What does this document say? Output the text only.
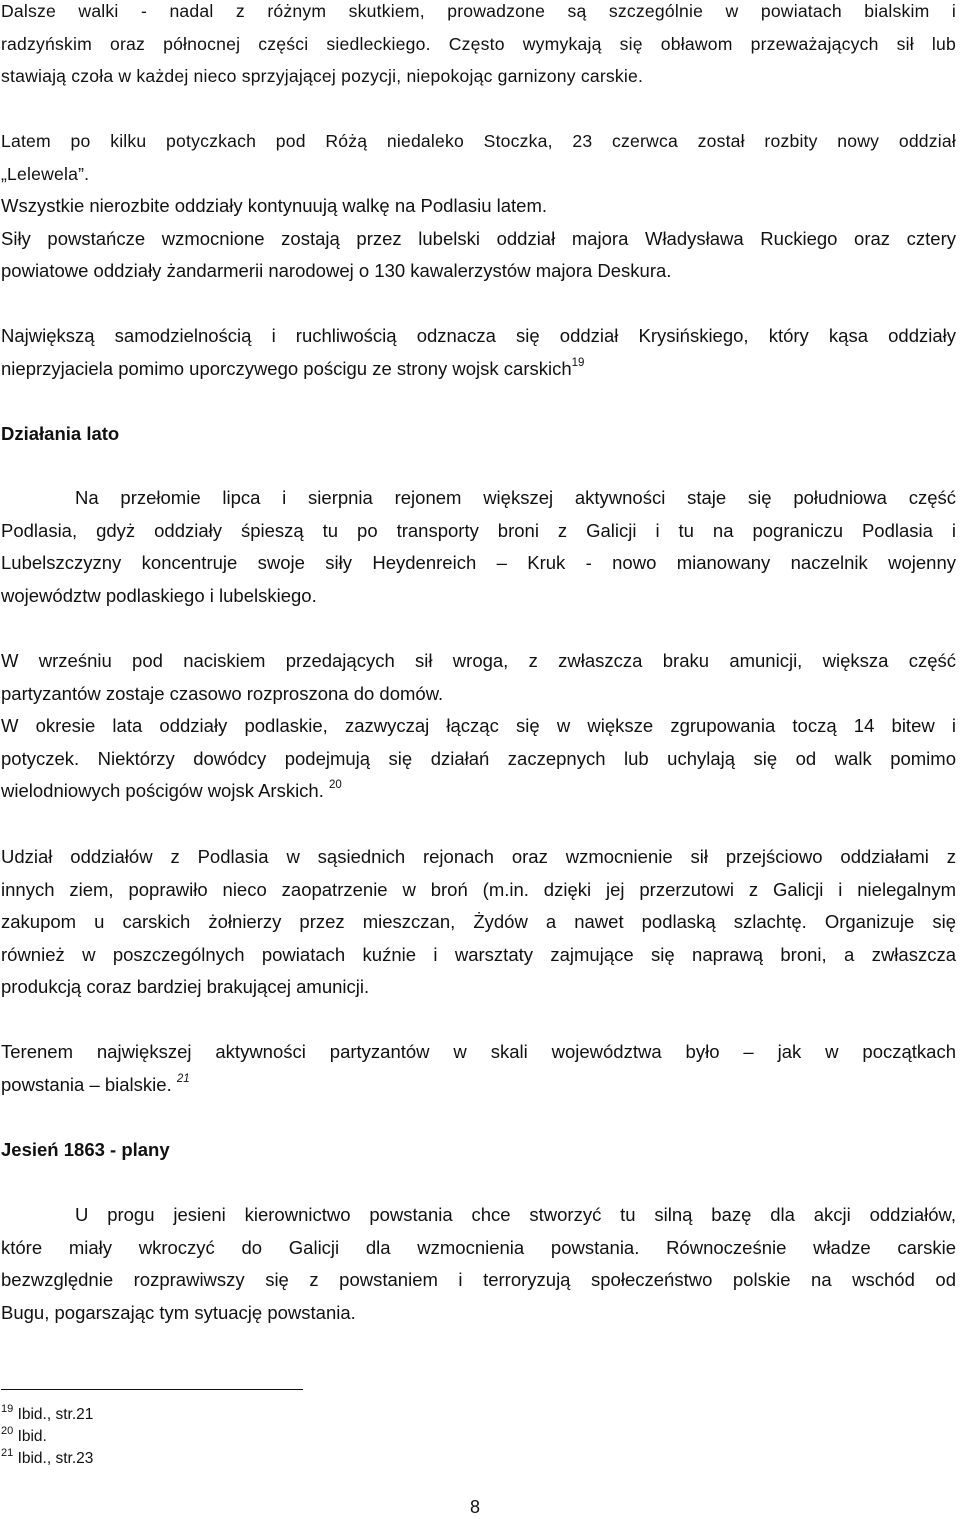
Dalsze walki - nadal z różnym skutkiem, prowadzone są szczególnie w powiatach bialskim i
radzyńskim oraz północnej części siedleckiego. Często wymykają się obławom przeważających sił lub
stawiają czoła w każdej nieco sprzyjającej pozycji, niepokojąc garnizony carskie.
Latem po kilku potyczkach pod Różą niedaleko Stoczka, 23 czerwca został rozbity nowy oddział
„Lelewela”.
Wszystkie nierozbite oddziały kontynuują walkę na Podlasiu latem.
Siły powstańcze wzmocnione zostają przez lubelski oddział majora Władysława Ruckiego oraz cztery
powiatowe oddziały żandarmerii narodowej o 130 kawalerzystów majora Deskura.
Największą samodzielnością i ruchliwością odznacza się oddział Krysińskiego, który kąsa oddziały
nieprzyjaciela pomimo uporczywego pościgu ze strony wojsk carskich$^{19}$
Działania lato
Na przełomie lipca i sierpnia rejonem większej aktywności staje się południowa część
Podlasia, gdyż oddziały śpieszą tu po transporty broni z Galicji i tu na pograniczu Podlasia i
Lubelszczyzny koncentruje swoje siły Heydenreich – Kruk - nowo mianowany naczelnik wojenny
województw podlaskiego i lubelskiego.
W wrześniu pod naciskiem przedających sił wroga, z zwłaszcza braku amunicji, większa część
partyzantów zostaje czasowo rozproszona do domów.
W okresie lata oddziały podlaskie, zazwyczaj łącząc się w większe zgrupowania toczą 14 bitew i
potyczek. Niektórzy dowódcy podejmują się działań zaczepnych lub uchylają się od walk pomimo
wielodniowych pościgów wojsk Arskich. $^{20}$
Udział oddziałów z Podlasia w sąsiednich rejonach oraz wzmocnienie sił przejściowo oddziałami z
innych ziem, poprawiło nieco zaopatrzenie w broń (m.in. dzięki jej przerzutowi z Galicji i nielegalnym
zakupom u carskich żołnierzy przez mieszczan, Żydów a nawet podlaską szlachtę. Organizuje się
również w poszczególnych powiatach kuźnie i warsztaty zajmujące się naprawą broni, a zwłaszcza
produkcją coraz bardziej brakującej amunicji.
Terenem największej aktywności partyzantów w skali województwa było – jak w początkach
powstania – bialskie. $^{21}$
Jesień 1863 - plany
U progu jesieni kierownictwo powstania chce stworzyć tu silną bazę dla akcji oddziałów,
które miały wkroczyć do Galicji dla wzmocnienia powstania. Równocześnie władze carskie
bezwzględnie rozprawiwszy się z powstaniem i terroryzują społeczeństwo polskie na wschód od
Bugu, pogarszając tym sytuację powstania.
$^{19}$ Ibid., str.21
$^{20}$ Ibid.
$^{21}$ Ibid., str.23
8
